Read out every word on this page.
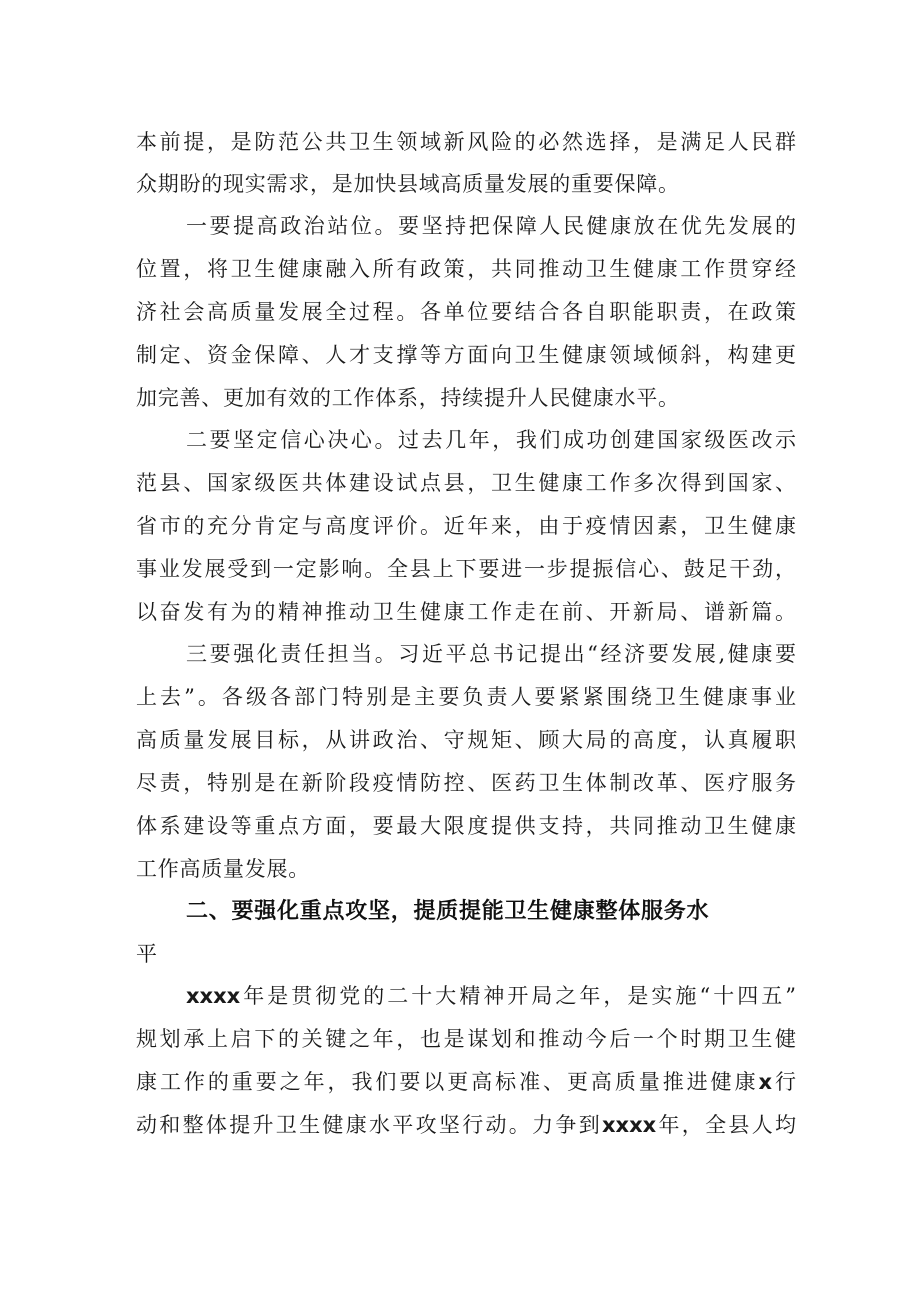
本前提，是防范公共卫生领域新风险的必然选择，是满足人民群
众期盼的现实需求，是加快县域高质量发展的重要保障。
一要提高政治站位。要坚持把保障人民健康放在优先发展的
位置，将卫生健康融入所有政策，共同推动卫生健康工作贯穿经
济社会高质量发展全过程。各单位要结合各自职能职责，在政策
制定、资金保障、人才支撑等方面向卫生健康领域倾斜，构建更
加完善、更加有效的工作体系，持续提升人民健康水平。
二要坚定信心决心。过去几年，我们成功创建国家级医改示
范县、国家级医共体建设试点县，卫生健康工作多次得到国家、
省市的充分肯定与高度评价。近年来，由于疫情因素，卫生健康
事业发展受到一定影响。全县上下要进一步提振信心、鼓足干劲，
以奋发有为的精神推动卫生健康工作走在前、开新局、谱新篇。
三要强化责任担当。习近平总书记提出“经济要发展,健康要
上去”。各级各部门特别是主要负责人要紧紧围绕卫生健康事业
高质量发展目标，从讲政治、守规矩、顾大局的高度，认真履职
尽责，特别是在新阶段疫情防控、医药卫生体制改革、医疗服务
体系建设等重点方面，要最大限度提供支持，共同推动卫生健康
工作高质量发展。
二、要强化重点攻坚，提质提能卫生健康整体服务水
平
xxxx年是贯彻党的二十大精神开局之年，是实施“十四五”
规划承上启下的关键之年，也是谋划和推动今后一个时期卫生健
康工作的重要之年，我们要以更高标准、更高质量推进健康x行
动和整体提升卫生健康水平攻坚行动。力争到xxxx年，全县人均
